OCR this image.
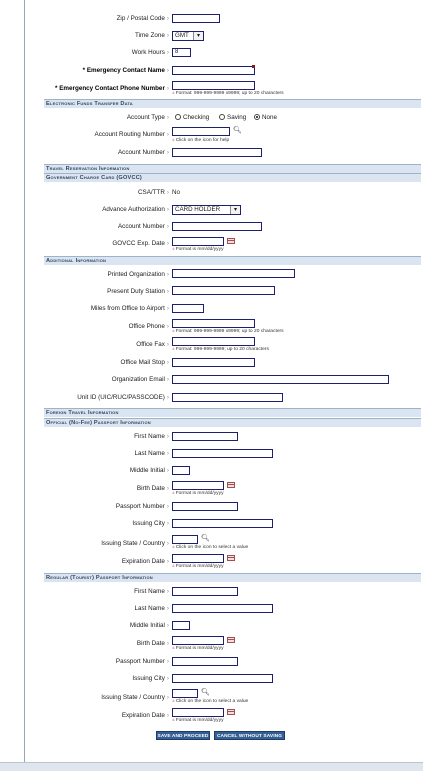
Zip / Postal Code ›
Time Zone › GMT	▾
Work Hours ›	8
* Emergency Contact Name ›
* Emergency Contact Phone Number ›
±Format: 999-999-9999 x9999; up to 20 characters
Electronic Funds Transfer Data
Account Type ›	Checking	Saving	None
Account Routing Number ›
🔍︎
±Click on the icon for help
Account Number ›
Travel Reservation Information
Government Charge Card (GOVCC)
CSA/TTR › No
Advance Authorization › CARD HOLDER	▾
Account Number ›
GOVCC Exp. Date ›
±Format is mm/dd/yyyy
Additional Information
Printed Organization ›
Present Duty Station ›
Miles from Office to Airport ›
Office Phone ›
±Format: 999-999-9999 x9999; up to 20 characters
Office Fax ›
±Format: 999-999-9999; up to 20 characters
Office Mail Stop ›
Organization Email ›
Unit ID (UIC/RUC/PASSCODE) ›
Foreign Travel Information
Official (No-Fee) Passport Information
First Name ›
Last Name ›
Middle Initial ›
Birth Date ›
±Format is mm/dd/yyyy
Passport Number ›
Issuing City ›
Issuing State / Country ›
🔍︎
±Click on the icon to select a value
Expiration Date ›
±Format is mm/dd/yyyy
Regular (Tourist) Passport Information
First Name ›
Last Name ›
Middle Initial ›
Birth Date ›
±Format is mm/dd/yyyy
Passport Number ›
Issuing City ›
Issuing State / Country ›
🔍︎
±Click on the icon to select a value
Expiration Date ›
±Format is mm/dd/yyyy
SAVE AND PROCEED	CANCEL WITHOUT SAVING
